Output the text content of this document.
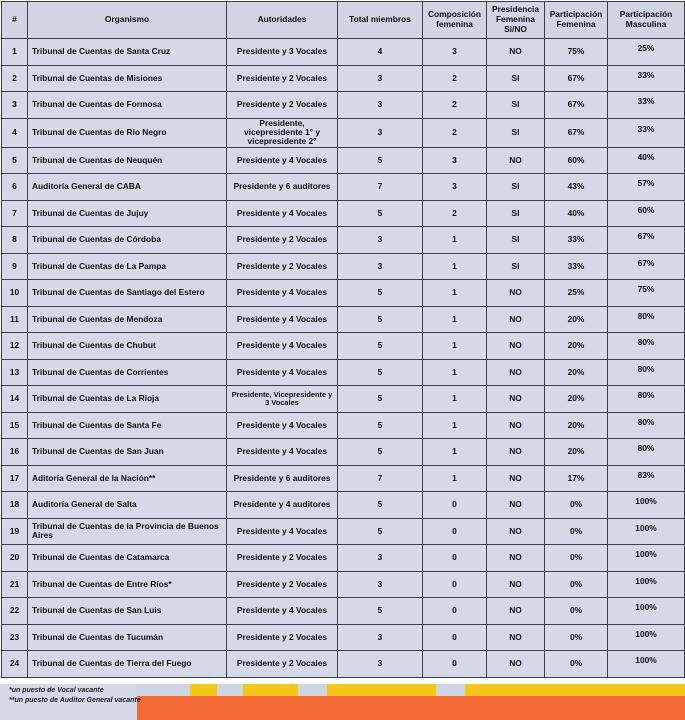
#	Organismo	Autoridades	Total miembros	Composición femenina	Presidencia Femenina Si/NO	Participación Femenina	Participación Masculina
1	Tribunal de Cuentas de Santa Cruz	Presidente y 3 Vocales	4	3	NO	75%	25%
2	Tribunal de Cuentas de Misiones	Presidente y 2 Vocales	3	2	SI	67%	33%
3	Tribunal de Cuentas de Formosa	Presidente y 2 Vocales	3	2	SI	67%	33%
4	Tribunal de Cuentas de Río Negro	Presidente, vicepresidente 1° y vicepresidente 2°	3	2	SI	67%	33%
5	Tribunal de Cuentas de Neuquén	Presidente y 4 Vocales	5	3	NO	60%	40%
6	Auditoría General de CABA	Presidente y 6 auditores	7	3	SI	43%	57%
7	Tribunal de Cuentas de Jujuy	Presidente y 4 Vocales	5	2	SI	40%	60%
8	Tribunal de Cuentas de Córdoba	Presidente y 2 Vocales	3	1	SI	33%	67%
9	Tribunal de Cuentas de La Pampa	Presidente y 2 Vocales	3	1	SI	33%	67%
10	Tribunal de Cuentas de Santiago del Estero	Presidente y 4 Vocales	5	1	NO	25%	75%
11	Tribunal de Cuentas de Mendoza	Presidente y 4 Vocales	5	1	NO	20%	80%
12	Tribunal de Cuentas de Chubut	Presidente y 4 Vocales	5	1	NO	20%	80%
13	Tribunal de Cuentas de Corrientes	Presidente y 4 Vocales	5	1	NO	20%	80%
14	Tribunal de Cuentas de La Rioja	Presidente, Vicepresidente y 3 Vocales	5	1	NO	20%	80%
15	Tribunal de Cuentas de Santa Fe	Presidente y 4 Vocales	5	1	NO	20%	80%
16	Tribunal de Cuentas de San Juan	Presidente y 4 Vocales	5	1	NO	20%	80%
17	Aditoría General de la Nación**	Presidente y 6 auditores	7	1	NO	17%	83%
18	Auditoría General de Salta	Presidente y 4 auditores	5	0	NO	0%	100%
19	Tribunal de Cuentas de la Provincia de Buenos Aires	Presidente y 4 Vocales	5	0	NO	0%	100%
20	Tribunal de Cuentas de Catamarca	Presidente y 2 Vocales	3	0	NO	0%	100%
21	Tribunal de Cuentas de Entre Ríos*	Presidente y 2 Vocales	3	0	NO	0%	100%
22	Tribunal de Cuentas de San Luis	Presidente y 4 Vocales	5	0	NO	0%	100%
23	Tribunal de Cuentas de Tucumán	Presidente y 2 Vocales	3	0	NO	0%	100%
24	Tribunal de Cuentas de Tierra del Fuego	Presidente y 2 Vocales	3	0	NO	0%	100%
*un puesto de Vocal vacante
**un puesto de Auditor General vacante
